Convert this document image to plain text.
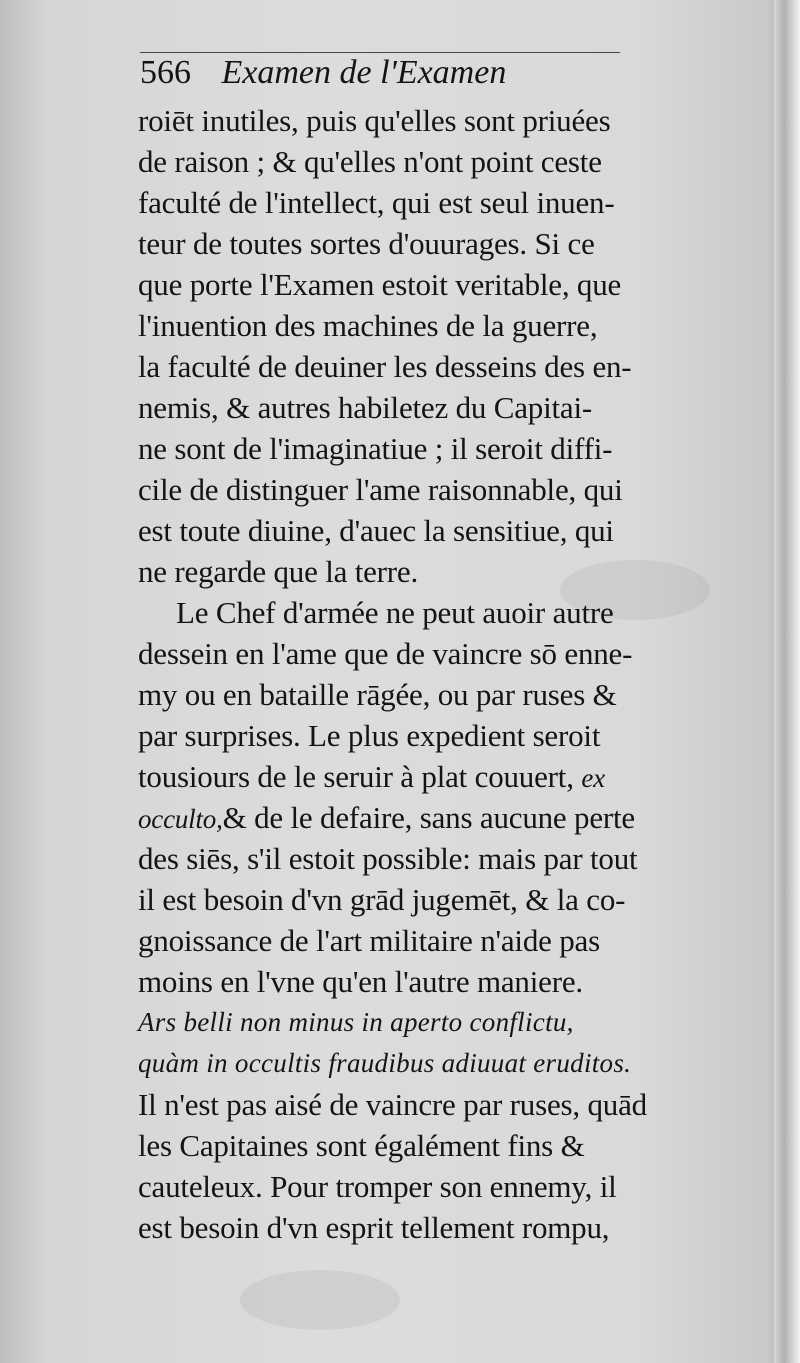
566 Examen de l'Examen
roiēt inutiles, puis qu'elles sont priuées
de raison ; & qu'elles n'ont point ceste
faculté de l'intellect, qui est seul inuen-
teur de toutes sortes d'ouurages. Si ce
que porte l'Examen estoit veritable, que
l'inuention des machines de la guerre,
la faculté de deuiner les desseins des en-
nemis, & autres habiletez du Capitai-
ne sont de l'imaginatiue ; il seroit diffi-
cile de distinguer l'ame raisonnable, qui
est toute diuine, d'auec la sensitiue, qui
ne regarde que la terre.
Le Chef d'armée ne peut auoir autre
dessein en l'ame que de vaincre sō enne-
my ou en bataille rāgée, ou par ruses &
par surprises. Le plus expedient seroit
tousiours de le seruir à plat couuert, ex
occulto,& de le defaire, sans aucune perte
des siēs, s'il estoit possible: mais par tout
il est besoin d'vn grād jugemēt, & la co-
gnoissance de l'art militaire n'aide pas
moins en l'vne qu'en l'autre maniere.
Ars belli non minus in aperto conflictu,
quàm in occultis fraudibus adiuuat eruditos.
Il n'est pas aisé de vaincre par ruses, quād
les Capitaines sont égalément fins &
cauteleux. Pour tromper son ennemy, il
est besoin d'vn esprit tellement rompu,
